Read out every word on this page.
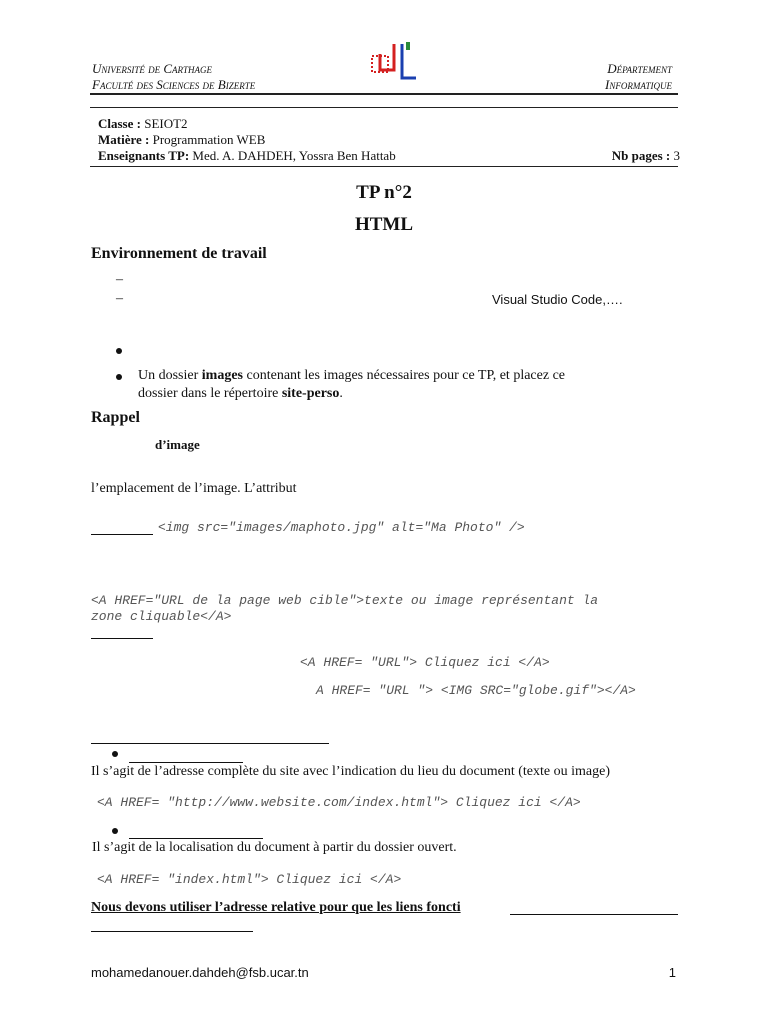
Université de Carthage
Faculté des Sciences de Bizerte
Département
Informatique
Classe : SEIOT2
Matière : Programmation WEB
Enseignants TP: Med. A. DAHDEH, Yossra Ben Hattab	Nb pages : 3
TP n°2
HTML
Environnement de travail
–
–	Visual Studio Code,….
Un dossier images contenant les images nécessaires pour ce TP, et placez ce
dossier dans le répertoire site-perso.
Rappel
d’image
l’emplacement de l’image. L’attribut
<img src="images/maphoto.jpg" alt="Ma Photo" />
<A HREF="URL de la page web cible">texte ou image représentant la
zone cliquable</A>
<A HREF= "URL"> Cliquez ici </A>
A HREF= "URL "> <IMG SRC="globe.gif"></A>
Il s’agit de l’adresse complète du site avec l’indication du lieu du document (texte ou image)
<A HREF= "http://www.website.com/index.html"> Cliquez ici </A>
Il s’agit de la localisation du document à partir du dossier ouvert.
<A HREF= "index.html"> Cliquez ici </A>
Nous devons utiliser l’adresse relative pour que les liens foncti
mohamedanouer.dahdeh@fsb.ucar.tn	1
